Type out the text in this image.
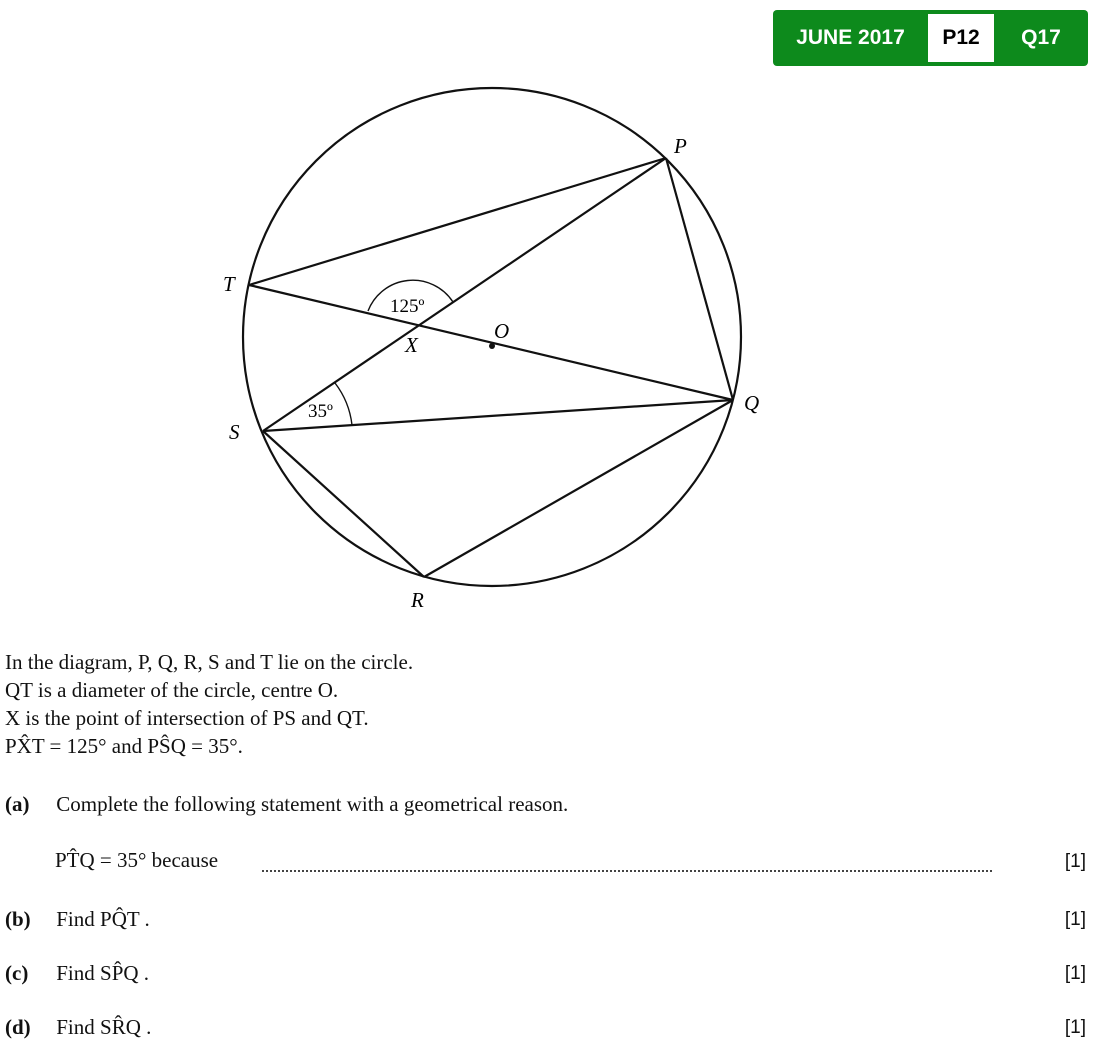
JUNE 2017	P12	Q17
P
T
O
X
Q
S
R
125º
35º
In the diagram, P, Q, R, S and T lie on the circle.
QT is a diameter of the circle, centre O.
X is the point of intersection of PS and QT.
PX̂T = 125° and PŜQ = 35°.
(a) Complete the following statement with a geometrical reason.
PT̂Q = 35° because	[1]
(b) Find PQ̂T .	[1]
(c) Find SP̂Q .	[1]
(d) Find SR̂Q .	[1]
